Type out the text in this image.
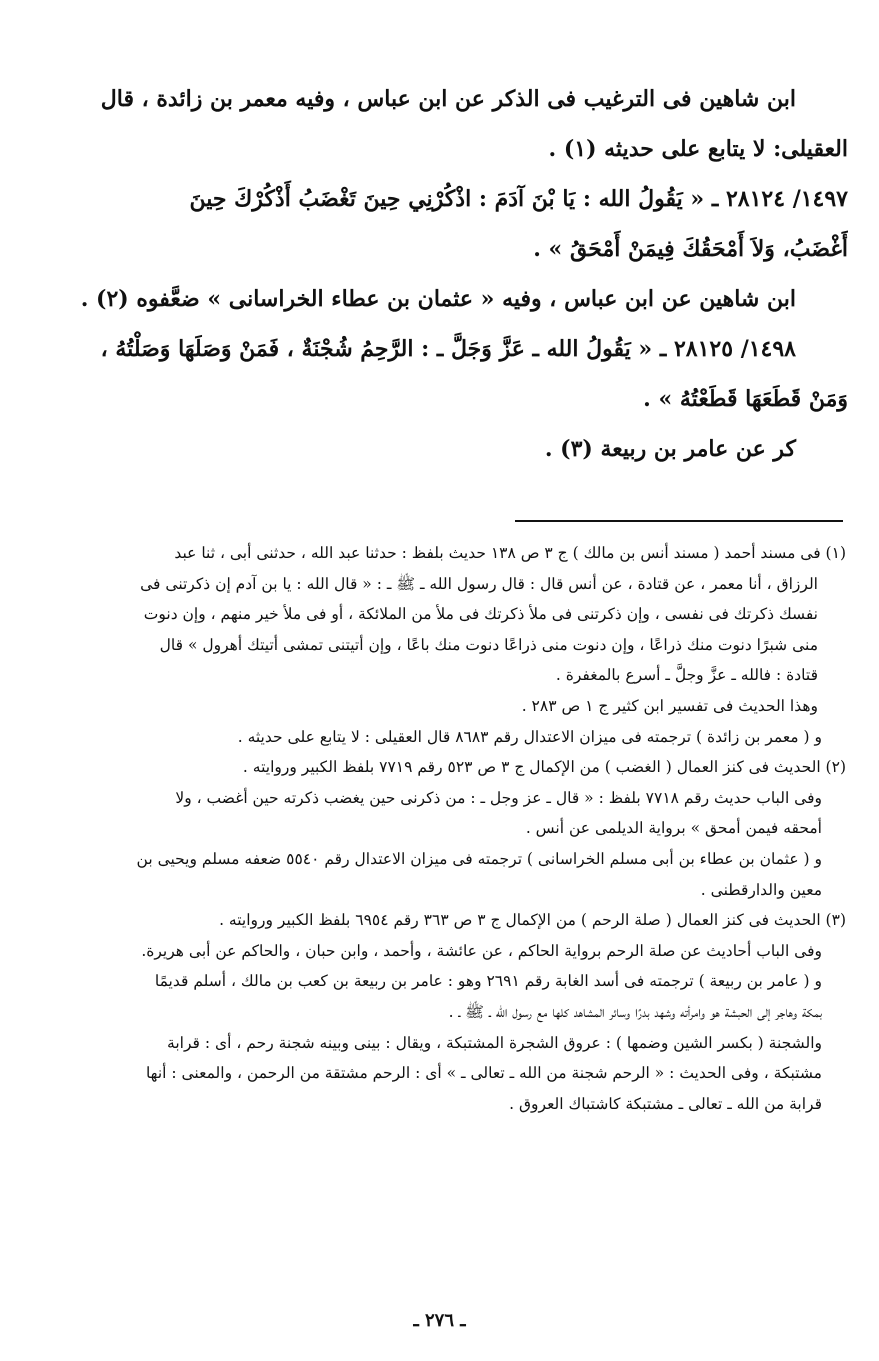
ابن شاهين فى الترغيب فى الذكر عن ابن عباس ، وفيه معمر بن زائدة ، قال
العقيلى: لا يتابع على حديثه (١) .
١٤٩٧/ ٢٨١٢٤ ـ « يَقُولُ الله : يَا بْنَ آدَمَ : اذْكُرْنِي حِينَ تَغْضَبُ أَذْكُرْكَ حِينَ
أَغْضَبُ، وَلاَ أَمْحَقُكَ فِيمَنْ أَمْحَقُ » .
ابن شاهين عن ابن عباس ، وفيه « عثمان بن عطاء الخراسانى » ضعَّفوه (٢) .
١٤٩٨/ ٢٨١٢٥ ـ « يَقُولُ الله ـ عَزَّ وَجَلَّ ـ : الرَّحِمُ شُجْنَةٌ ، فَمَنْ وَصَلَهَا وَصَلْتُهُ ،
وَمَنْ قَطَعَهَا قَطَعْتُهُ » .
كر عن عامر بن ربيعة (٣) .
(١) فى مسند أحمد ( مسند أنس بن مالك ) ج ٣ ص ١٣٨ حديث بلفظ : حدثنا عبد الله ، حدثنى أبى ، ثنا عبد
الرزاق ، أنا معمر ، عن قتادة ، عن أنس قال : قال رسول الله ـ ﷺ ـ : « قال الله : يا بن آدم إن ذكرتنى فى
نفسك ذكرتك فى نفسى ، وإن ذكرتنى فى ملأ ذكرتك فى ملأ من الملائكة ، أو فى ملأ خير منهم ، وإن دنوت
منى شبرًا دنوت منك ذراعًا ، وإن دنوت منى ذراعًا دنوت منك باعًا ، وإن أتيتنى تمشى أتيتك أهرول » قال
قتادة : فالله ـ عزَّ وجلَّ ـ أسرع بالمغفرة .
وهذا الحديث فى تفسير ابن كثير ج ١ ص ٢٨٣ .
و ( معمر بن زائدة ) ترجمته فى ميزان الاعتدال رقم ٨٦٨٣ قال العقيلى : لا يتابع على حديثه .
(٢) الحديث فى كنز العمال ( الغضب ) من الإكمال ج ٣ ص ٥٢٣ رقم ٧٧١٩ بلفظ الكبير وروايته .
وفى الباب حديث رقم ٧٧١٨ بلفظ : « قال ـ عز وجل ـ : من ذكرنى حين يغضب ذكرته حين أغضب ، ولا
أمحقه فيمن أمحق » برواية الديلمى عن أنس .
و ( عثمان بن عطاء بن أبى مسلم الخراسانى ) ترجمته فى ميزان الاعتدال رقم ٥٥٤٠ ضعفه مسلم ويحيى بن
معين والدارقطنى .
(٣) الحديث فى كنز العمال ( صلة الرحم ) من الإكمال ج ٣ ص ٣٦٣ رقم ٦٩٥٤ بلفظ الكبير وروايته .
وفى الباب أحاديث عن صلة الرحم برواية الحاكم ، عن عائشة ، وأحمد ، وابن حبان ، والحاكم عن أبى هريرة.
و ( عامر بن ربيعة ) ترجمته فى أسد الغابة رقم ٢٦٩١ وهو : عامر بن ربيعة بن كعب بن مالك ، أسلم قديمًا
بمكة وهاجر إلى الحبشة هو وامرأته وشهد بدرًا وسائر المشاهد كلها مع رسول الله ـ ﷺ ـ .
والشجنة ( بكسر الشين وضمها ) : عروق الشجرة المشتبكة ، ويقال : بينى وبينه شجنة رحم ، أى : قرابة
مشتبكة ، وفى الحديث : « الرحم شجنة من الله ـ تعالى ـ » أى : الرحم مشتقة من الرحمن ، والمعنى : أنها
قرابة من الله ـ تعالى ـ مشتبكة كاشتباك العروق .
ـ ٢٧٦ ـ
